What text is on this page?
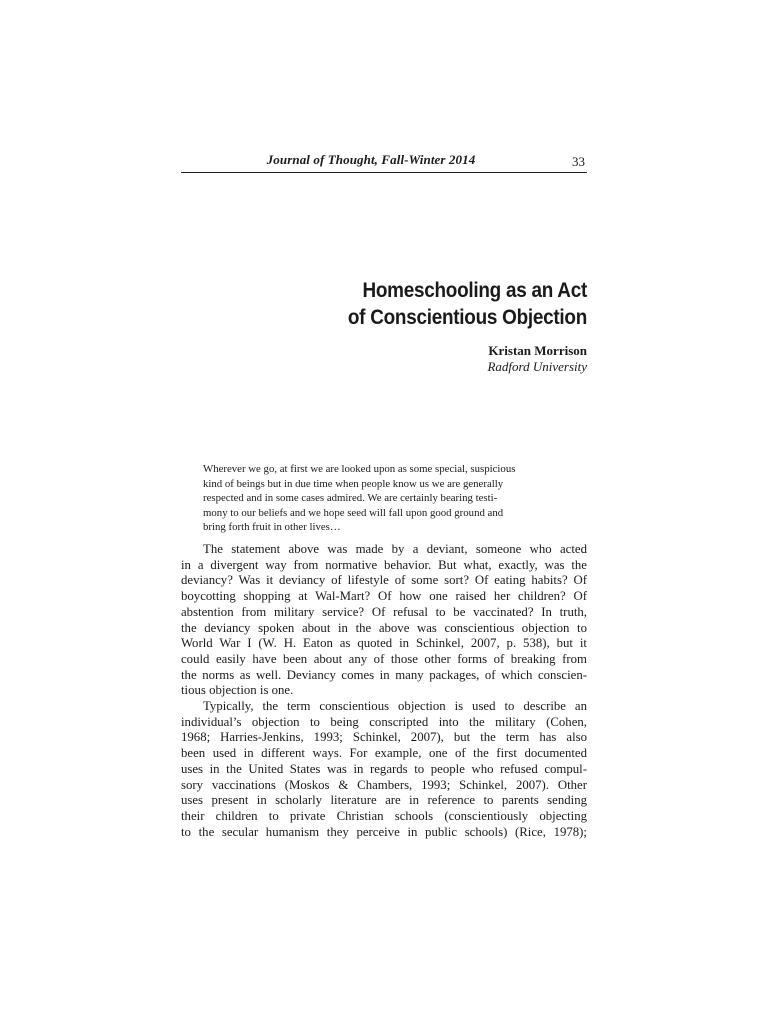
Journal of Thought, Fall-Winter 2014	33
Homeschooling as an Act
of Conscientious Objection
Kristan Morrison
Radford University
Wherever we go, at first we are looked upon as some special, suspicious
kind of beings but in due time when people know us we are generally
respected and in some cases admired. We are certainly bearing testi-
mony to our beliefs and we hope seed will fall upon good ground and
bring forth fruit in other lives…
The statement above was made by a deviant, someone who acted
in a divergent way from normative behavior. But what, exactly, was the
deviancy? Was it deviancy of lifestyle of some sort? Of eating habits? Of
boycotting shopping at Wal-Mart? Of how one raised her children? Of
abstention from military service? Of refusal to be vaccinated? In truth,
the deviancy spoken about in the above was conscientious objection to
World War I (W. H. Eaton as quoted in Schinkel, 2007, p. 538), but it
could easily have been about any of those other forms of breaking from
the norms as well. Deviancy comes in many packages, of which conscien-
tious objection is one.
Typically, the term conscientious objection is used to describe an
individual’s objection to being conscripted into the military (Cohen,
1968; Harries-Jenkins, 1993; Schinkel, 2007), but the term has also
been used in different ways. For example, one of the first documented
uses in the United States was in regards to people who refused compul-
sory vaccinations (Moskos & Chambers, 1993; Schinkel, 2007). Other
uses present in scholarly literature are in reference to parents sending
their children to private Christian schools (conscientiously objecting
to the secular humanism they perceive in public schools) (Rice, 1978);
